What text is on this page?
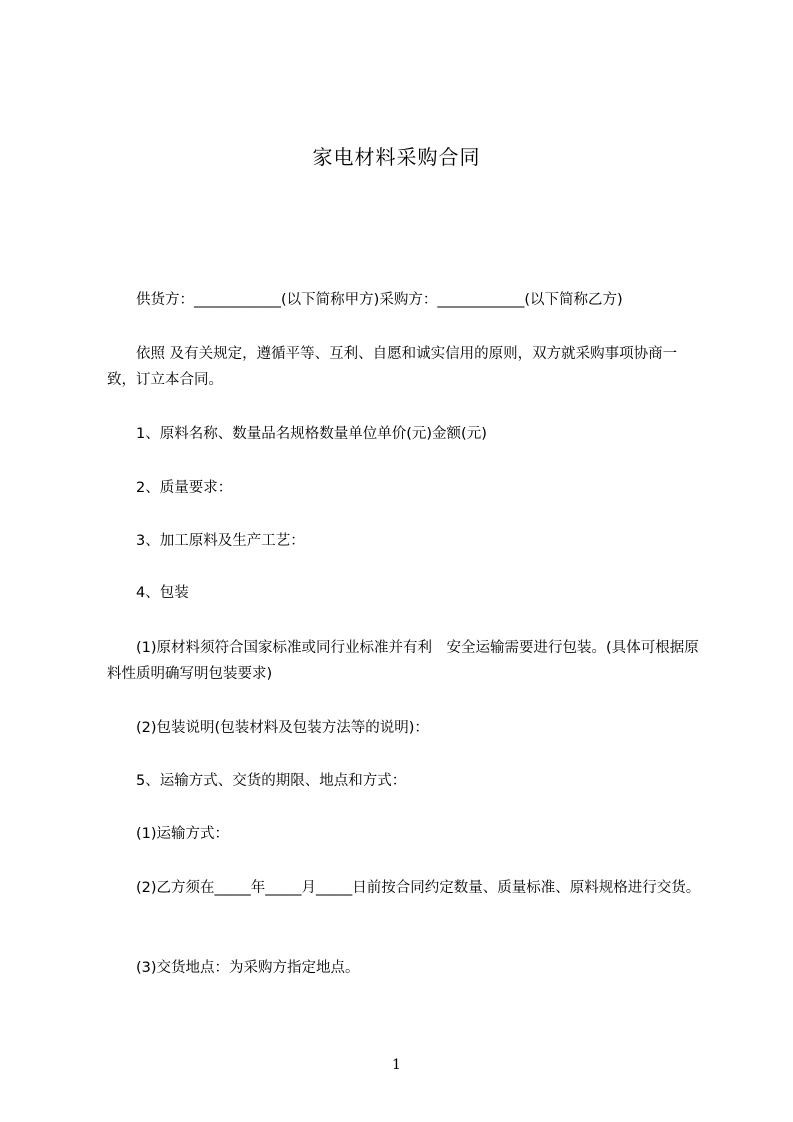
家电材料采购合同
供货方：____________(以下简称甲方)采购方：____________(以下简称乙方)
依照 及有关规定，遵循平等、互利、自愿和诚实信用的原则，双方就采购事项协商一致，订立本合同。
1、原料名称、数量品名规格数量单位单价(元)金额(元)
2、质量要求：
3、加工原料及生产工艺：
4、包装
(1)原材料须符合国家标准或同行业标准并有利　安全运输需要进行包装。(具体可根据原料性质明确写明包装要求)
(2)包装说明(包装材料及包装方法等的说明)：
5、运输方式、交货的期限、地点和方式：
(1)运输方式：
(2)乙方须在_____年_____月_____日前按合同约定数量、质量标准、原料规格进行交货。
(3)交货地点：为采购方指定地点。
1
